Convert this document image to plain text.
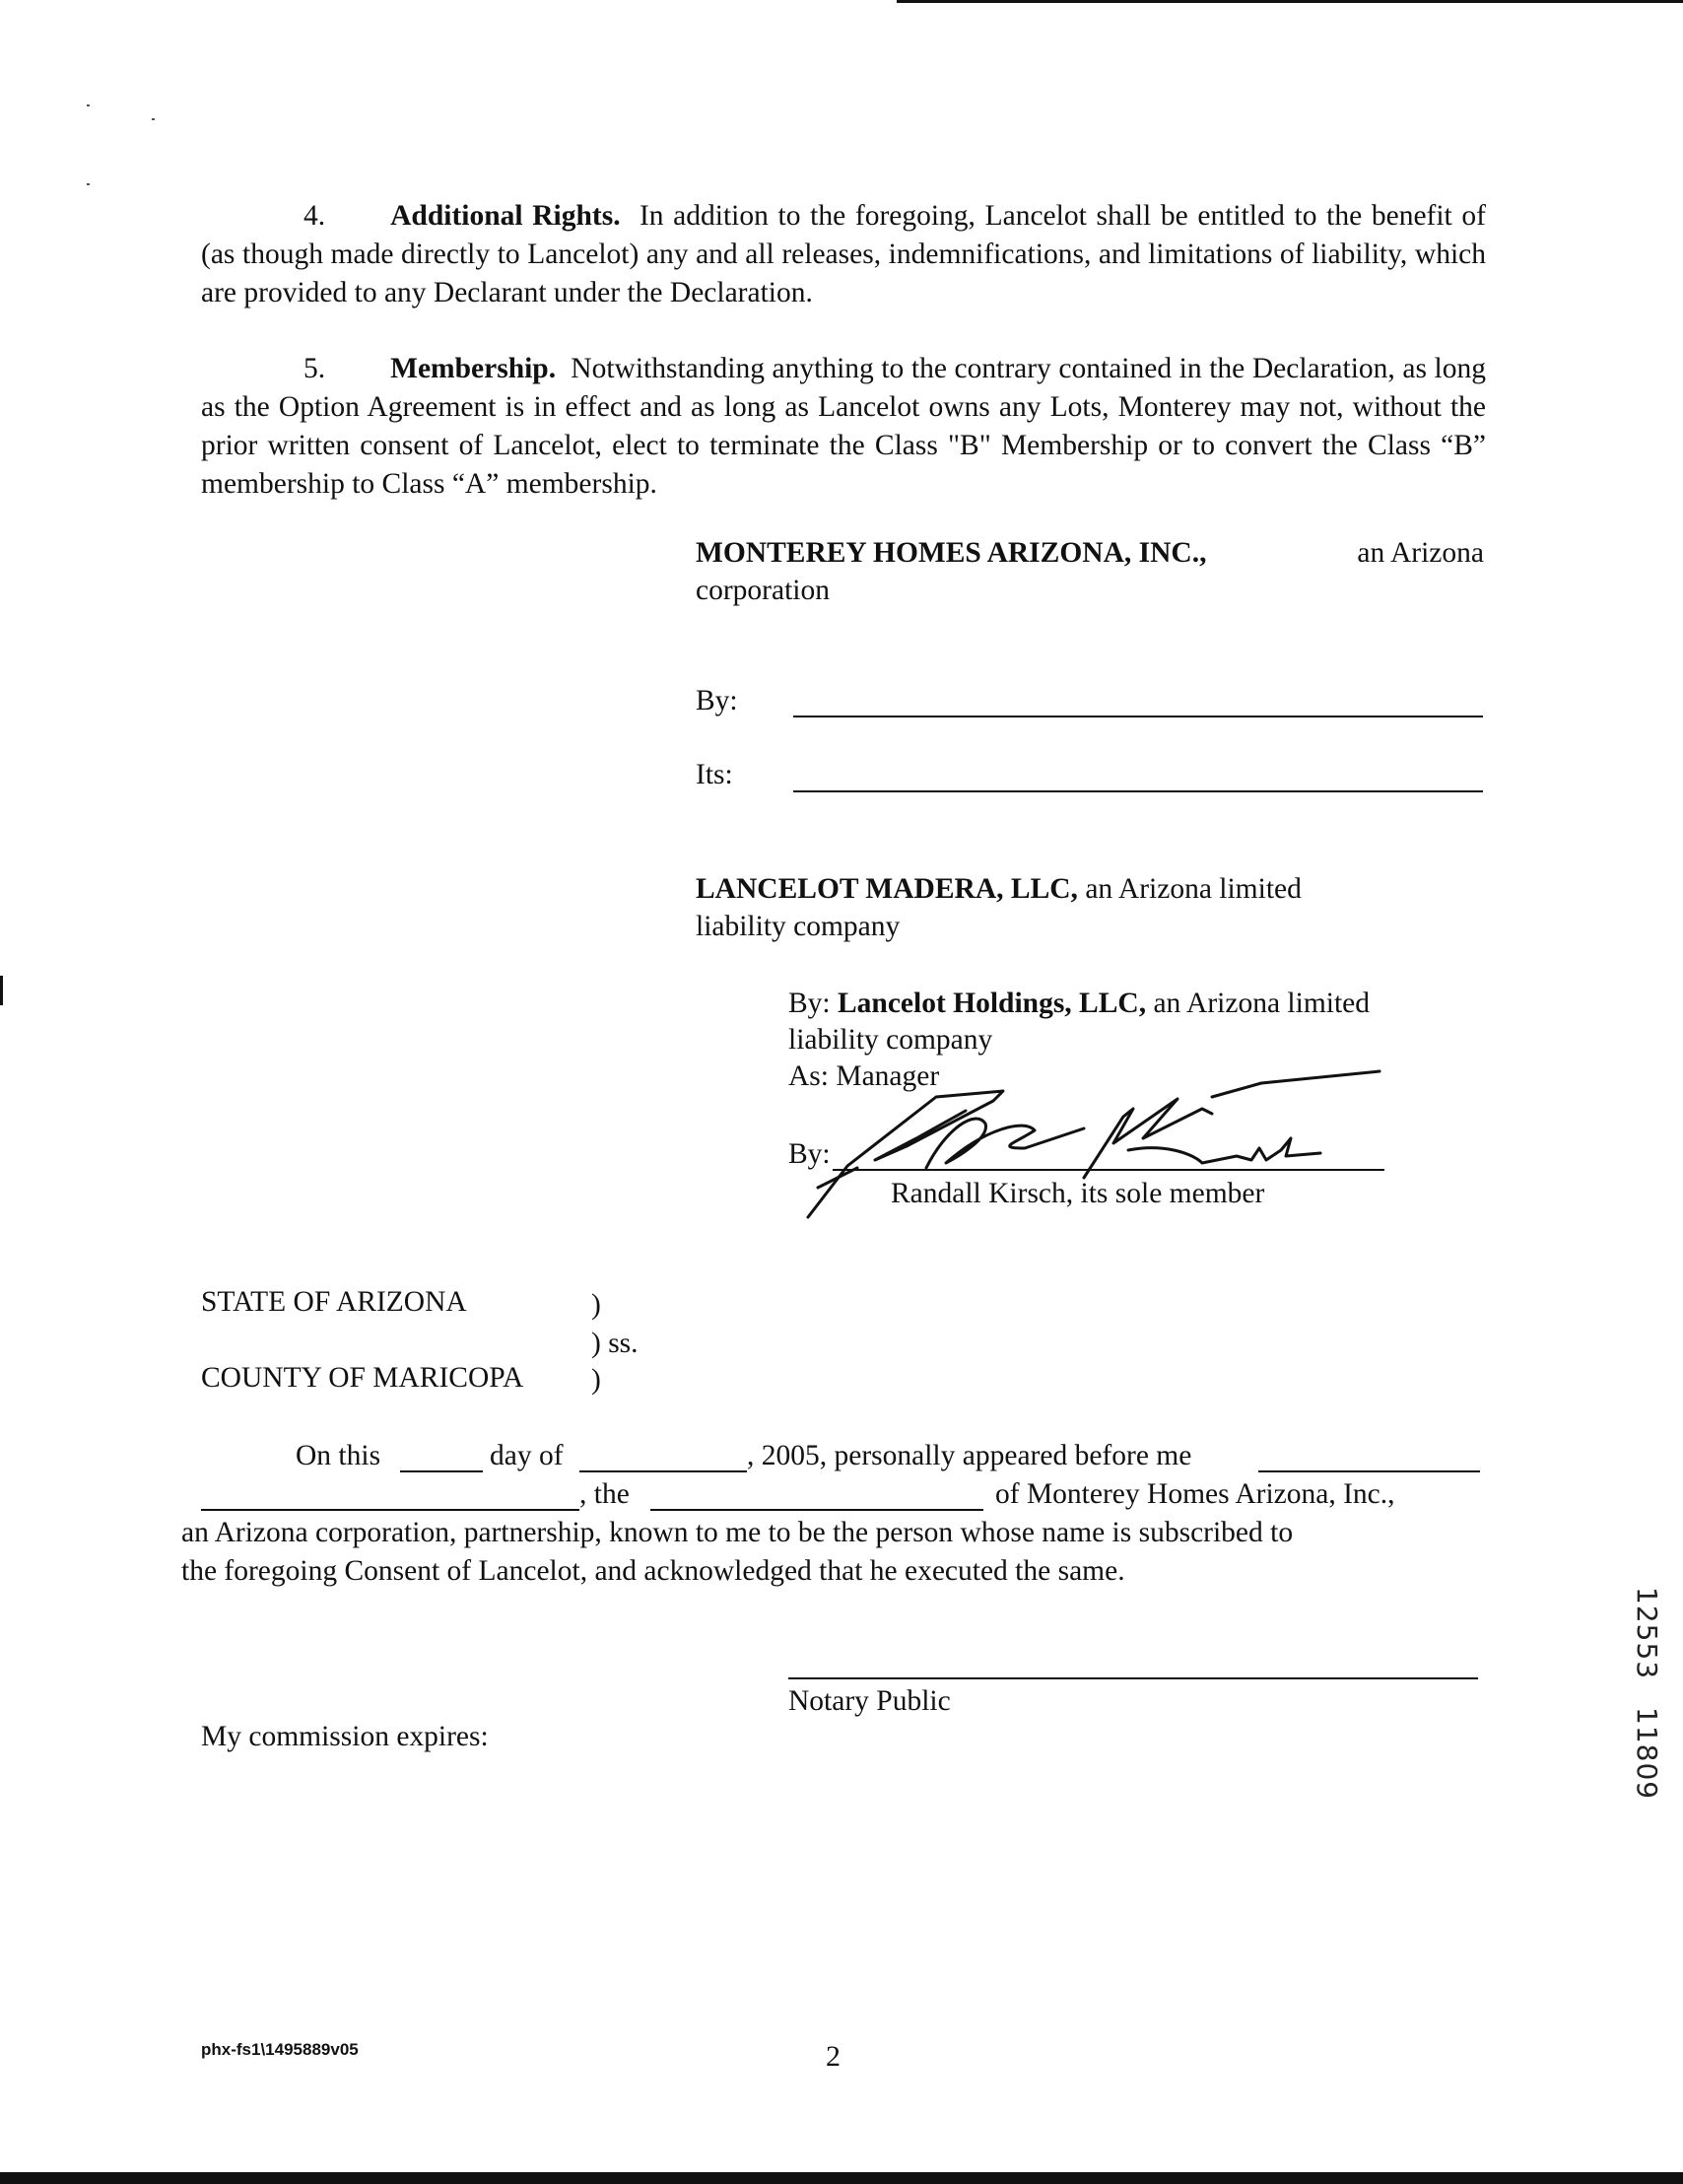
4. Additional Rights. In addition to the foregoing, Lancelot shall be entitled to the benefit of (as though made directly to Lancelot) any and all releases, indemnifications, and limitations of liability, which are provided to any Declarant under the Declaration.
5. Membership. Notwithstanding anything to the contrary contained in the Declaration, as long as the Option Agreement is in effect and as long as Lancelot owns any Lots, Monterey may not, without the prior written consent of Lancelot, elect to terminate the Class "B" Membership or to convert the Class “B” membership to Class “A” membership.
MONTEREY HOMES ARIZONA, INC.,	an Arizona
corporation
By:
Its:
LANCELOT MADERA, LLC, an Arizona limited
liability company
By: Lancelot Holdings, LLC, an Arizona limited
liability company
As: Manager
By:
Randall Kirsch, its sole member
STATE OF ARIZONA	)
) ss.
COUNTY OF MARICOPA )
On this	day of	, 2005, personally appeared before me
, the	of Monterey Homes Arizona, Inc.,
an Arizona corporation, partnership, known to me to be the person whose name is subscribed to
the foregoing Consent of Lancelot, and acknowledged that he executed the same.
Notary Public
My commission expires:
12553
11809
phx-fs1\1495889v05	2
